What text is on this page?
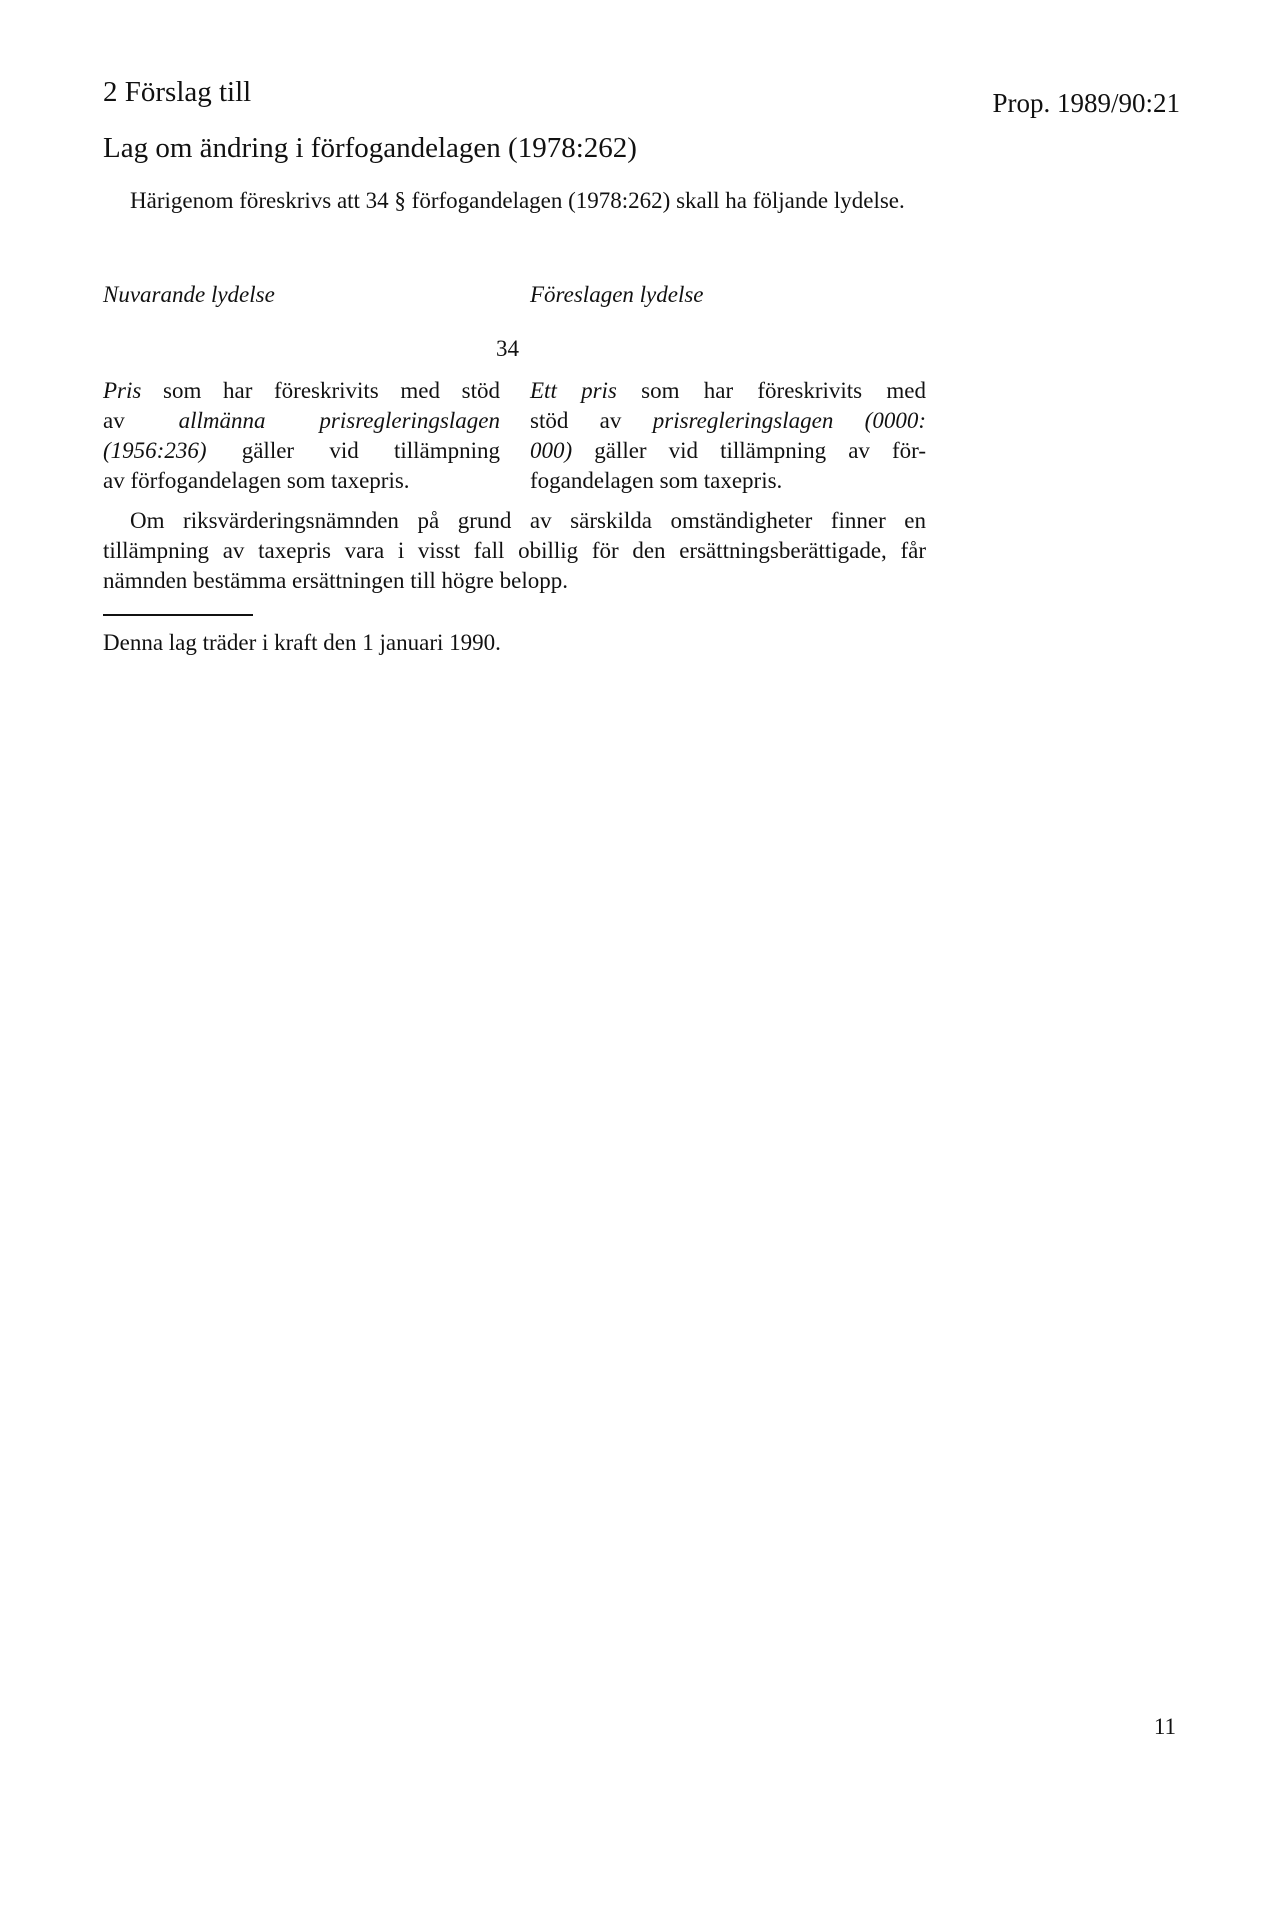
2 Förslag till	Prop. 1989/90:21
Lag om ändring i förfogandelagen (1978:262)
Härigenom föreskrivs att 34 § förfogandelagen (1978:262) skall ha följande lydelse.
Nuvarande lydelse	Föreslagen lydelse
34
Pris som har föreskrivits med stöd
av allmänna prisregleringslagen
(1956:236) gäller vid tillämpning
av förfogandelagen som taxepris.
Ett pris som har föreskrivits med
stöd av prisregleringslagen (0000:
000) gäller vid tillämpning av för-
fogandelagen som taxepris.
Om riksvärderingsnämnden på grund av särskilda omständigheter finner en tillämpning av taxepris vara i visst fall obillig för den ersättningsberättigade, får nämnden bestämma ersättningen till högre belopp.
Denna lag träder i kraft den 1 januari 1990.
11
